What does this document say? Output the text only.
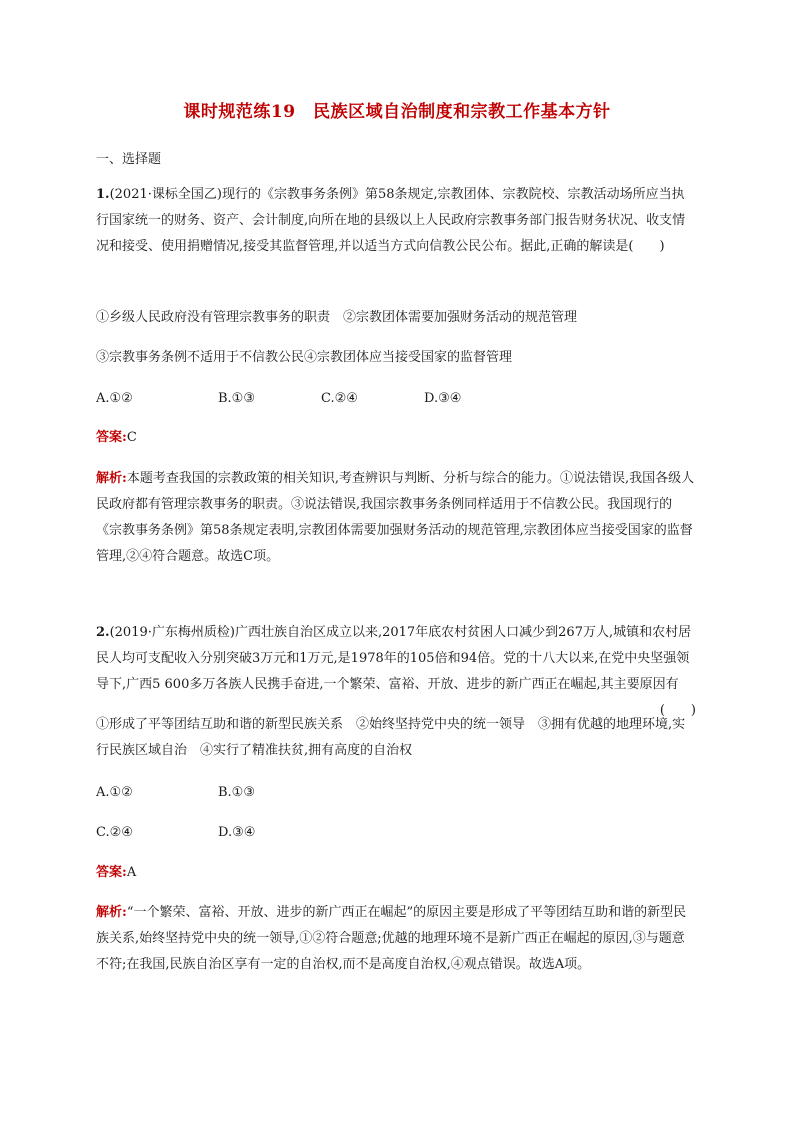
课时规范练19　民族区域自治制度和宗教工作基本方针
一、选择题
1.(2021·课标全国乙)现行的《宗教事务条例》第58条规定,宗教团体、宗教院校、宗教活动场所应当执行国家统一的财务、资产、会计制度,向所在地的县级以上人民政府宗教事务部门报告财务状况、收支情况和接受、使用捐赠情况,接受其监督管理,并以适当方式向信教公民公布。据此,正确的解读是(　　)
①乡级人民政府没有管理宗教事务的职责　②宗教团体需要加强财务活动的规范管理
③宗教事务条例不适用于不信教公民④宗教团体应当接受国家的监督管理
A.①②	B.①③	C.②④	D.③④
答案:C
解析:本题考查我国的宗教政策的相关知识,考查辨识与判断、分析与综合的能力。①说法错误,我国各级人民政府都有管理宗教事务的职责。③说法错误,我国宗教事务条例同样适用于不信教公民。我国现行的《宗教事务条例》第58条规定表明,宗教团体需要加强财务活动的规范管理,宗教团体应当接受国家的监督管理,②④符合题意。故选C项。
2.(2019·广东梅州质检)广西壮族自治区成立以来,2017年底农村贫困人口减少到267万人,城镇和农村居民人均可支配收入分别突破3万元和1万元,是1978年的105倍和94倍。党的十八大以来,在党中央坚强领导下,广西5 600多万各族人民携手奋进,一个繁荣、富裕、开放、进步的新广西正在崛起,其主要原因有
(　　)
①形成了平等团结互助和谐的新型民族关系　②始终坚持党中央的统一领导　③拥有优越的地理环境,实行民族区域自治　④实行了精准扶贫,拥有高度的自治权
A.①②	B.①③
C.②④	D.③④
答案:A
解析:“一个繁荣、富裕、开放、进步的新广西正在崛起”的原因主要是形成了平等团结互助和谐的新型民族关系,始终坚持党中央的统一领导,①②符合题意;优越的地理环境不是新广西正在崛起的原因,③与题意不符;在我国,民族自治区享有一定的自治权,而不是高度自治权,④观点错误。故选A项。
